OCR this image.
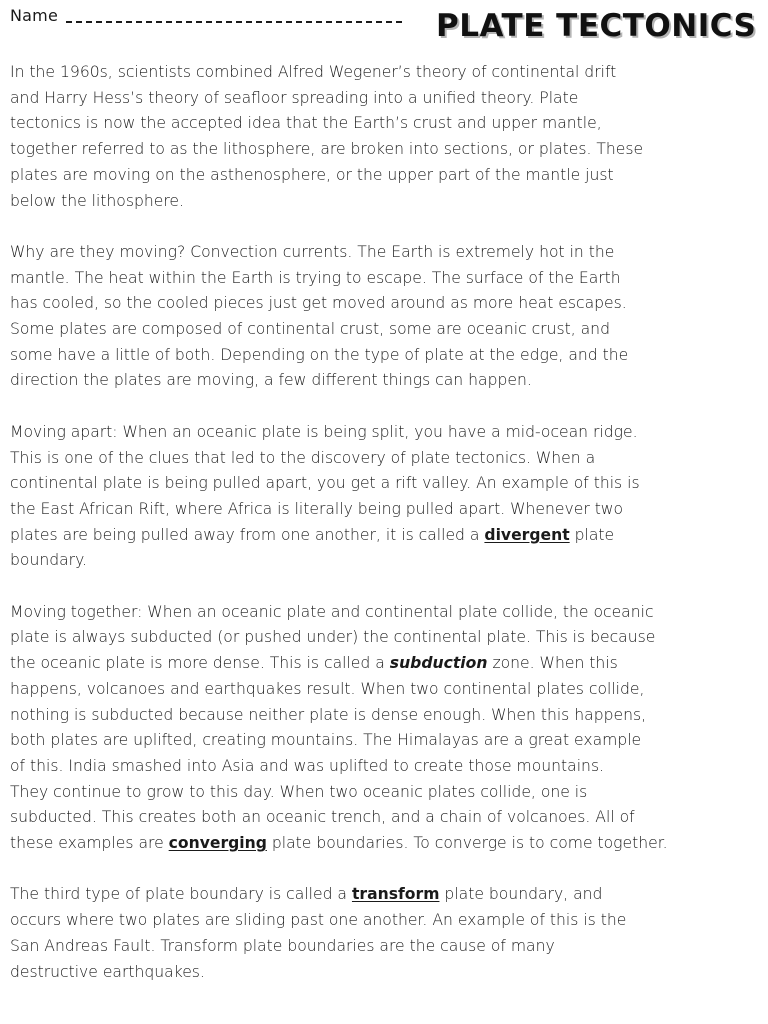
Name	PLATE TECTONICS

In the 1960s, scientists combined Alfred Wegener’s theory of continental drift
and Harry Hess’s theory of seafloor spreading into a unified theory. Plate
tectonics is now the accepted idea that the Earth’s crust and upper mantle,
together referred to as the lithosphere, are broken into sections, or plates. These
plates are moving on the asthenosphere, or the upper part of the mantle just
below the lithosphere.

Why are they moving? Convection currents. The Earth is extremely hot in the
mantle. The heat within the Earth is trying to escape. The surface of the Earth
has cooled, so the cooled pieces just get moved around as more heat escapes.
Some plates are composed of continental crust, some are oceanic crust, and
some have a little of both. Depending on the type of plate at the edge, and the
direction the plates are moving, a few different things can happen.

Moving apart: When an oceanic plate is being split, you have a mid-ocean ridge.
This is one of the clues that led to the discovery of plate tectonics. When a
continental plate is being pulled apart, you get a rift valley. An example of this is
the East African Rift, where Africa is literally being pulled apart. Whenever two
plates are being pulled away from one another, it is called a divergent plate
boundary.

Moving together: When an oceanic plate and continental plate collide, the oceanic
plate is always subducted (or pushed under) the continental plate. This is because
the oceanic plate is more dense. This is called a subduction zone. When this
happens, volcanoes and earthquakes result. When two continental plates collide,
nothing is subducted because neither plate is dense enough. When this happens,
both plates are uplifted, creating mountains. The Himalayas are a great example
of this. India smashed into Asia and was uplifted to create those mountains.
They continue to grow to this day. When two oceanic plates collide, one is
subducted. This creates both an oceanic trench, and a chain of volcanoes. All of
these examples are converging plate boundaries. To converge is to come together.

The third type of plate boundary is called a transform plate boundary, and
occurs where two plates are sliding past one another. An example of this is the
San Andreas Fault. Transform plate boundaries are the cause of many
destructive earthquakes.
